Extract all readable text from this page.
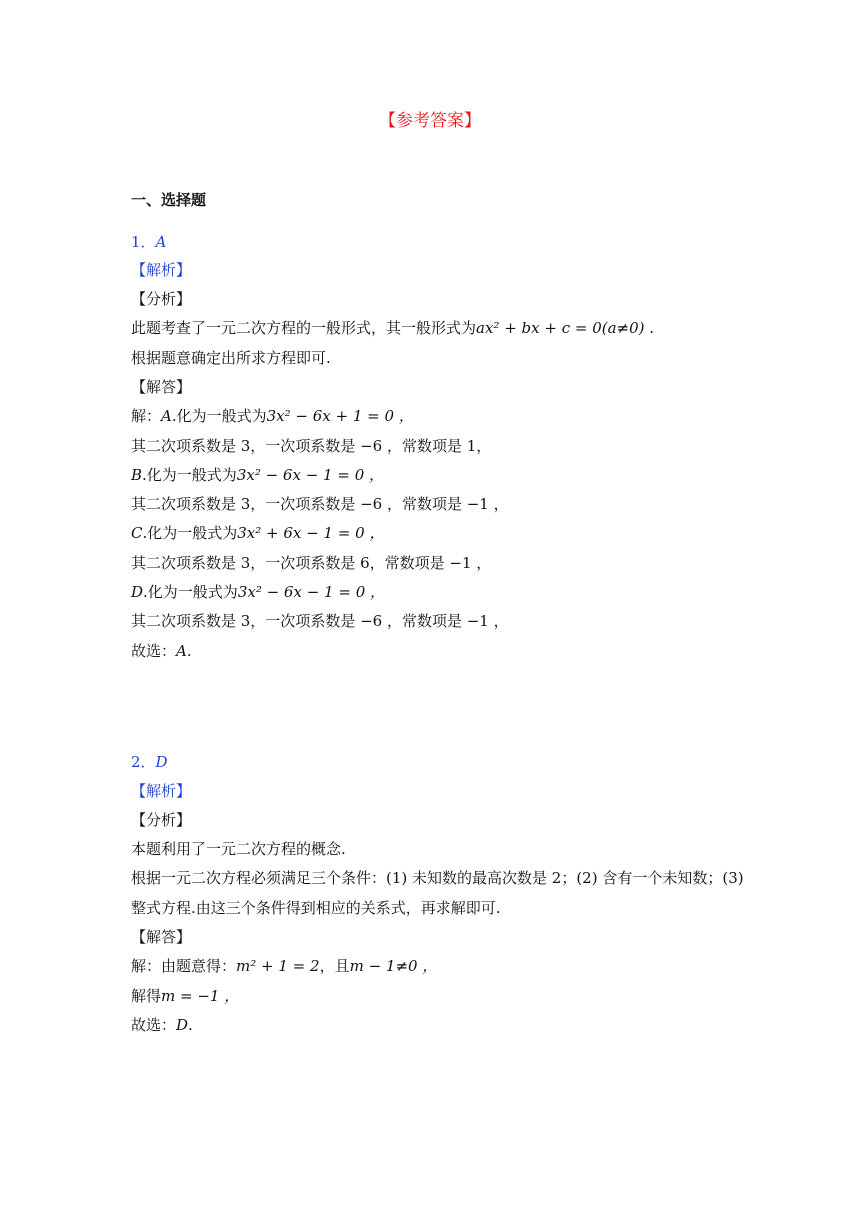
【参考答案】
一、选择题
1．A
【解析】
【分析】
此题考查了一元二次方程的一般形式，其一般形式为ax² + bx + c = 0(a≠0) .
根据题意确定出所求方程即可.
【解答】
解：A.化为一般式为3x² − 6x + 1 = 0 ，
其二次项系数是 3，一次项系数是 −6 ，常数项是 1，
B.化为一般式为3x² − 6x − 1 = 0 ，
其二次项系数是 3，一次项系数是 −6 ，常数项是 −1 ，
C.化为一般式为3x² + 6x − 1 = 0 ，
其二次项系数是 3，一次项系数是 6，常数项是 −1 ，
D.化为一般式为3x² − 6x − 1 = 0 ，
其二次项系数是 3，一次项系数是 −6 ，常数项是 −1 ，
故选：A.
2．D
【解析】
【分析】
本题利用了一元二次方程的概念.
根据一元二次方程必须满足三个条件：(1) 未知数的最高次数是 2；(2) 含有一个未知数；(3)
整式方程.由这三个条件得到相应的关系式，再求解即可.
【解答】
解：由题意得：m² + 1 = 2，且m − 1≠0 ，
解得m = −1 ，
故选：D.
